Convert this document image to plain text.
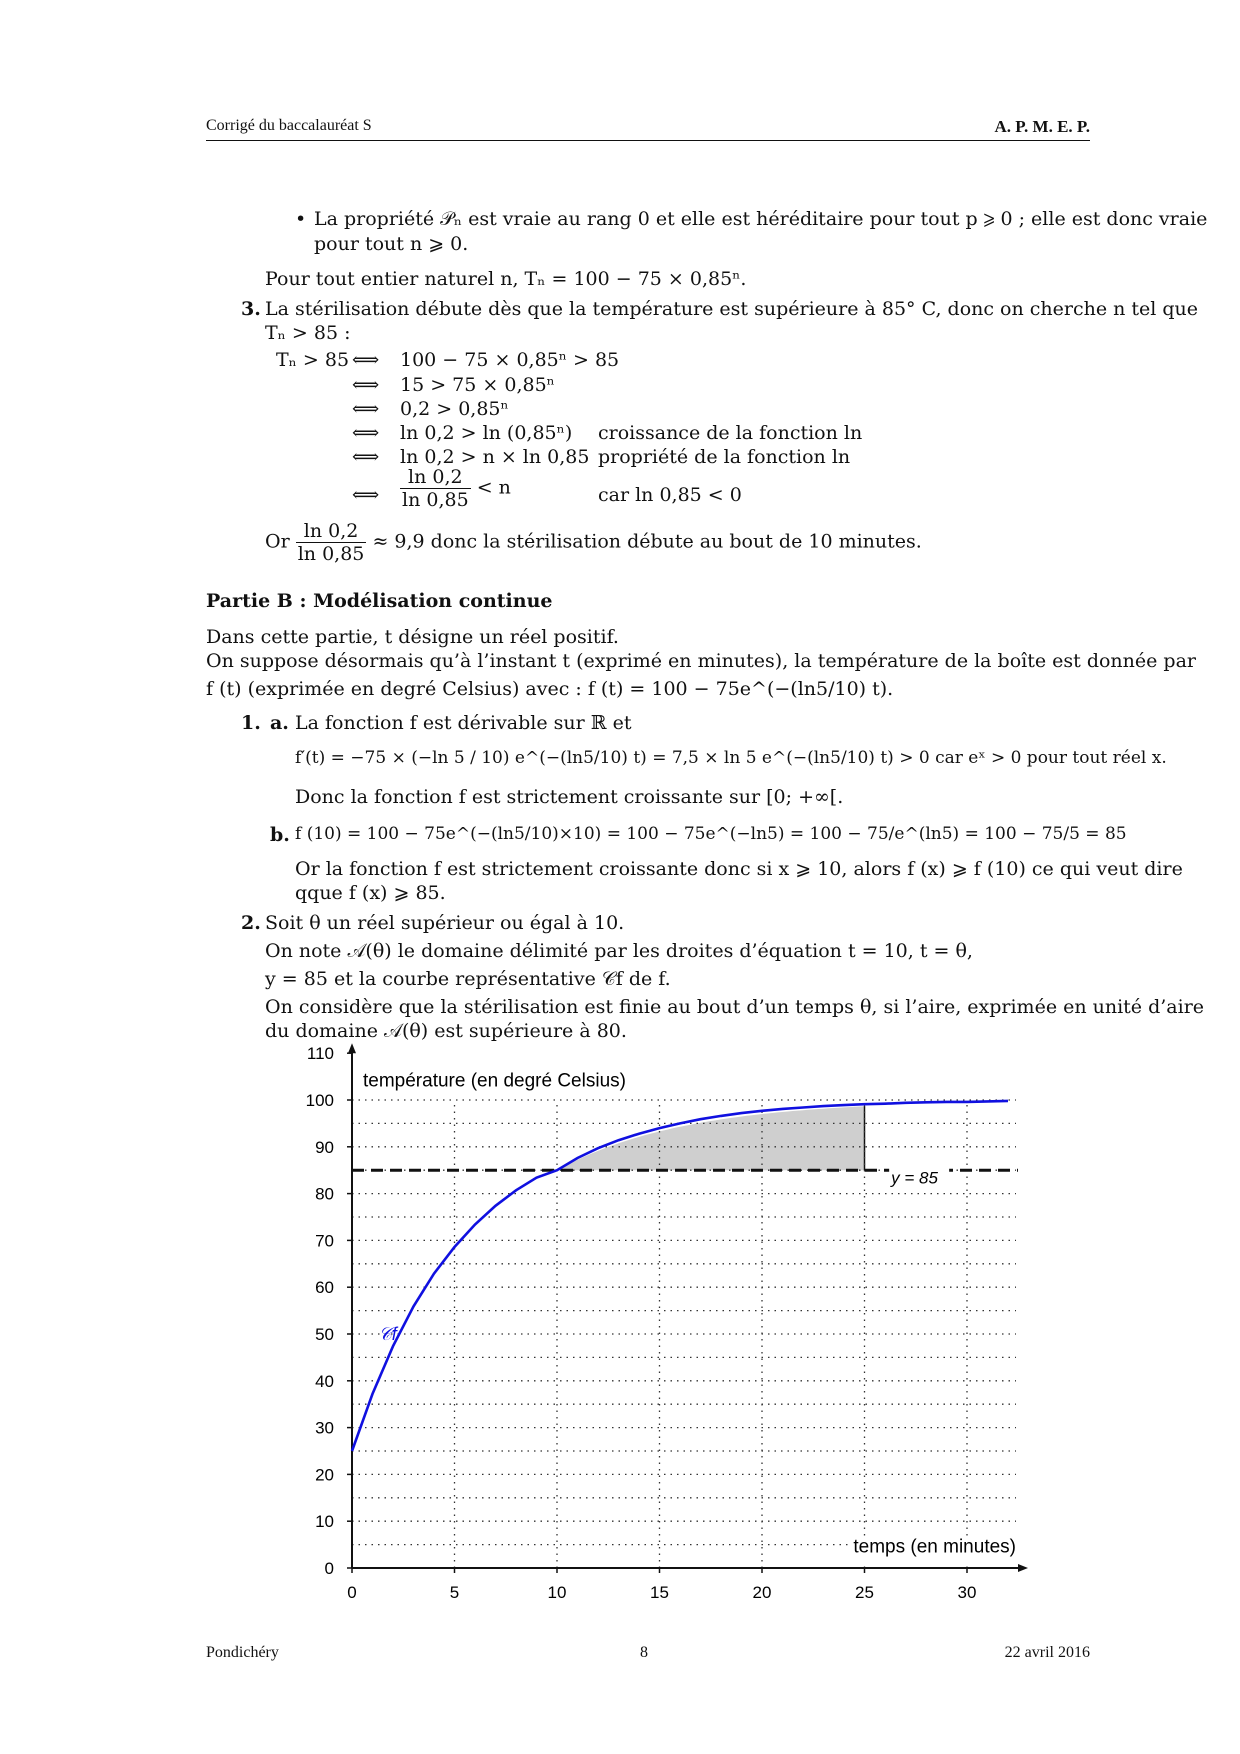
Corrigé du baccalauréat S	A. P. M. E. P.
• La propriété 𝒫ₙ est vraie au rang 0 et elle est héréditaire pour tout p ⩾ 0 ; elle est donc vraie
pour tout n ⩾ 0.
Pour tout entier naturel n, Tₙ = 100 − 75 × 0,85ⁿ.
3. La stérilisation débute dès que la température est supérieure à 85° C, donc on cherche n tel que
Tₙ > 85 :
Tₙ > 85 ⟺ 100 − 75 × 0,85ⁿ > 85
⟺ 15 > 75 × 0,85ⁿ
⟺ 0,2 > 0,85ⁿ
⟺ ln 0,2 > ln (0,85ⁿ) croissance de la fonction ln
⟺ ln 0,2 > n × ln 0,85 propriété de la fonction ln
⟺ $\frac{\ln 0,2}{\ln 0,85} < n$	car ln 0,85 < 0
Or $\frac{\ln 0,2}{\ln 0,85} \approx 9,9$ donc la stérilisation débute au bout de 10 minutes.
Partie B : Modélisation continue
Dans cette partie, t désigne un réel positif.
On suppose désormais qu’à l’instant t (exprimé en minutes), la température de la boîte est donnée par
f (t) (exprimée en degré Celsius) avec : f (t) = 100 − 75e^(−(ln5/10) t).
1. a. La fonction f est dérivable sur ℝ et
f′(t) = −75 × (−ln 5 / 10) e^(−(ln5/10) t) = 7,5 × ln 5 e^(−(ln5/10) t) > 0 car eˣ > 0 pour tout réel x.
Donc la fonction f est strictement croissante sur [0; +∞[.
b. f (10) = 100 − 75e^(−(ln5/10)×10) = 100 − 75e^(−ln5) = 100 − 75/e^(ln5) = 100 − 75/5 = 85
Or la fonction f est strictement croissante donc si x ⩾ 10, alors f (x) ⩾ f (10) ce qui veut dire
qque f (x) ⩾ 85.
2. Soit θ un réel supérieur ou égal à 10.
On note 𝒜(θ) le domaine délimité par les droites d’équation t = 10, t = θ,
y = 85 et la courbe représentative 𝒞f de f.
On considère que la stérilisation est finie au bout d’un temps θ, si l’aire, exprimée en unité d’aire
du domaine 𝒜(θ) est supérieure à 80.
0
10
20
30
40
50
60
70
80
90
100
110
0	5	10	15	20	25	30
température (en degré Celsius)
temps (en minutes)
y = 85
𝒞f
Pondichéry	8	22 avril 2016
